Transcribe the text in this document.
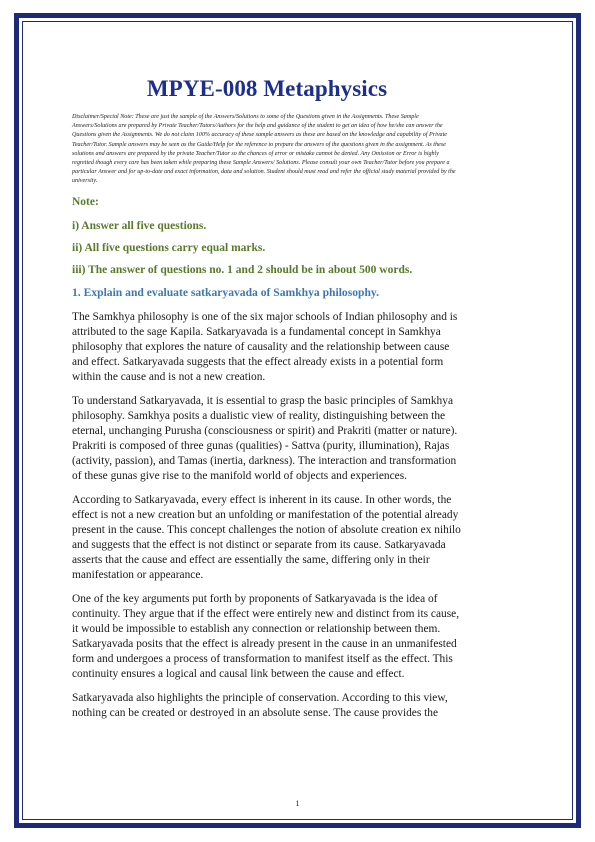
MPYE-008 Metaphysics
Disclaimer/Special Note: These are just the sample of the Answers/Solutions to some of the Questions given in the Assignments. These Sample Answers/Solutions are prepared by Private Teacher/Tutors/Authors for the help and guidance of the student to get an idea of how he/she can answer the Questions given the Assignments. We do not claim 100% accuracy of these sample answers as these are based on the knowledge and capability of Private Teacher/Tutor. Sample answers may be seen as the Guide/Help for the reference to prepare the answers of the questions given in the assignment. As these solutions and answers are prepared by the private Teacher/Tutor so the chances of error or mistake cannot be denied. Any Omission or Error is highly regretted though every care has been taken while preparing these Sample Answers/ Solutions. Please consult your own Teacher/Tutor before you prepare a particular Answer and for up-to-date and exact information, data and solution. Student should must read and refer the official study material provided by the university.
Note:
i) Answer all five questions.
ii) All five questions carry equal marks.
iii) The answer of questions no. 1 and 2 should be in about 500 words.
1. Explain and evaluate satkaryavada of Samkhya philosophy.

The Samkhya philosophy is one of the six major schools of Indian philosophy and is attributed to the sage Kapila. Satkaryavada is a fundamental concept in Samkhya philosophy that explores the nature of causality and the relationship between cause and effect. Satkaryavada suggests that the effect already exists in a potential form within the cause and is not a new creation.

To understand Satkaryavada, it is essential to grasp the basic principles of Samkhya philosophy. Samkhya posits a dualistic view of reality, distinguishing between the eternal, unchanging Purusha (consciousness or spirit) and Prakriti (matter or nature). Prakriti is composed of three gunas (qualities) - Sattva (purity, illumination), Rajas (activity, passion), and Tamas (inertia, darkness). The interaction and transformation of these gunas give rise to the manifold world of objects and experiences.

According to Satkaryavada, every effect is inherent in its cause. In other words, the effect is not a new creation but an unfolding or manifestation of the potential already present in the cause. This concept challenges the notion of absolute creation ex nihilo and suggests that the effect is not distinct or separate from its cause. Satkaryavada asserts that the cause and effect are essentially the same, differing only in their manifestation or appearance.

One of the key arguments put forth by proponents of Satkaryavada is the idea of continuity. They argue that if the effect were entirely new and distinct from its cause, it would be impossible to establish any connection or relationship between them. Satkaryavada posits that the effect is already present in the cause in an unmanifested form and undergoes a process of transformation to manifest itself as the effect. This continuity ensures a logical and causal link between the cause and effect.

Satkaryavada also highlights the principle of conservation. According to this view, nothing can be created or destroyed in an absolute sense. The cause provides the

1
